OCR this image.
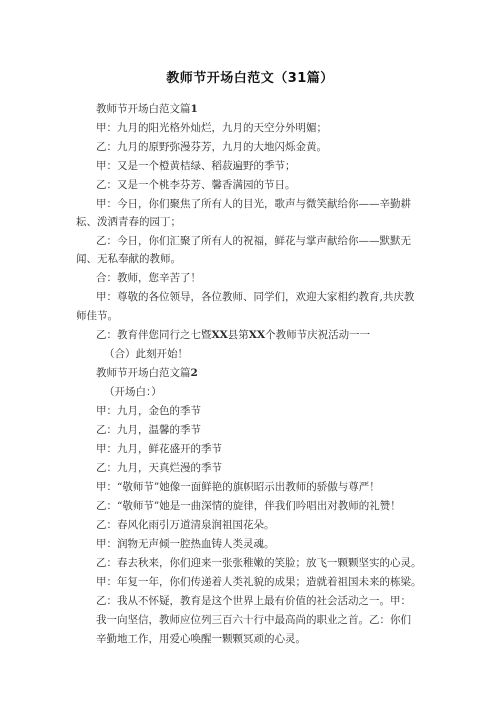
教师节开场白范文（31篇）
教师节开场白范文篇1
甲：九月的阳光格外灿烂，九月的天空分外明媚；
乙：九月的原野弥漫芬芳，九月的大地闪烁金黄。
甲：又是一个橙黄桔绿、稻菽遍野的季节；
乙：又是一个桃李芬芳、馨香满园的节日。
甲：今日，你们聚焦了所有人的目光，歌声与微笑献给你——辛勤耕
耘、泼洒青春的园丁；
乙：今日，你们汇聚了所有人的祝福，鲜花与掌声献给你——默默无
闻、无私奉献的教师。
合：教师，您辛苦了！
甲：尊敬的各位领导，各位教师、同学们，欢迎大家相约教育,共庆教
师佳节。
乙：教育伴您同行之七暨XX县第XX个教师节庆祝活动一一
（合）此刻开始！
教师节开场白范文篇2
（开场白：）
甲：九月，金色的季节
乙：九月，温馨的季节
甲：九月，鲜花盛开的季节
乙：九月，天真烂漫的季节
甲：“敬师节”她像一面鲜艳的旗帜昭示出教师的骄傲与尊严！
乙：“敬师节”她是一曲深情的旋律，伴我们吟唱出对教师的礼赞！
乙：春风化雨引万道清泉润祖国花朵。
甲：润物无声倾一腔热血铸人类灵魂。
乙：春去秋来，你们迎来一张张稚嫩的笑脸；放飞一颗颗坚实的心灵。
甲：年复一年，你们传递着人类礼貌的成果；造就着祖国未来的栋梁。
乙：我从不怀疑，教育是这个世界上最有价值的社会活动之一。甲：
我一向坚信，教师应位列三百六十行中最高尚的职业之首。乙：你们
辛勤地工作，用爱心唤醒一颗颗冥顽的心灵。
